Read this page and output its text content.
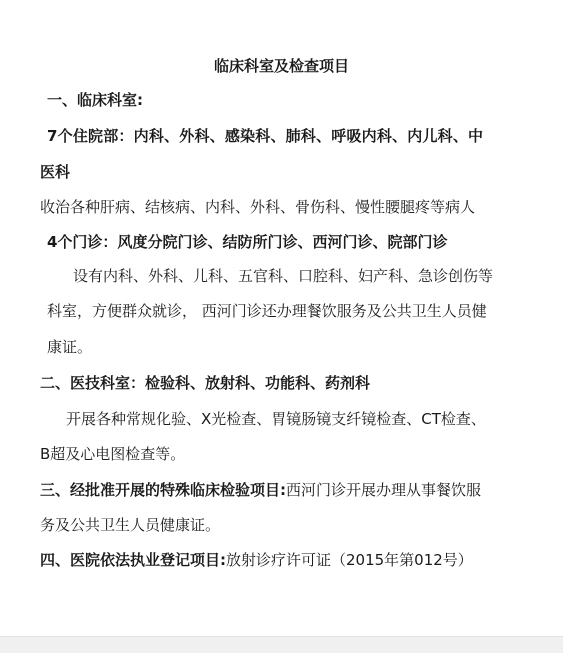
临床科室及检查项目
一、临床科室:
7个住院部：内科、外科、感染科、肺科、呼吸内科、内儿科、中
医科
收治各种肝病、结核病、内科、外科、骨伤科、慢性腰腿疼等病人
4个门诊：风度分院门诊、结防所门诊、西河门诊、院部门诊
设有内科、外科、儿科、五官科、口腔科、妇产科、急诊创伤等
科室，方便群众就诊， 西河门诊还办理餐饮服务及公共卫生人员健
康证。
二、医技科室：检验科、放射科、功能科、药剂科
开展各种常规化验、X光检查、胃镜肠镜支纤镜检查、CT检查、
B超及心电图检查等。
三、经批准开展的特殊临床检验项目:西河门诊开展办理从事餐饮服
务及公共卫生人员健康证。
四、医院依法执业登记项目:放射诊疗许可证（2015年第012号）
